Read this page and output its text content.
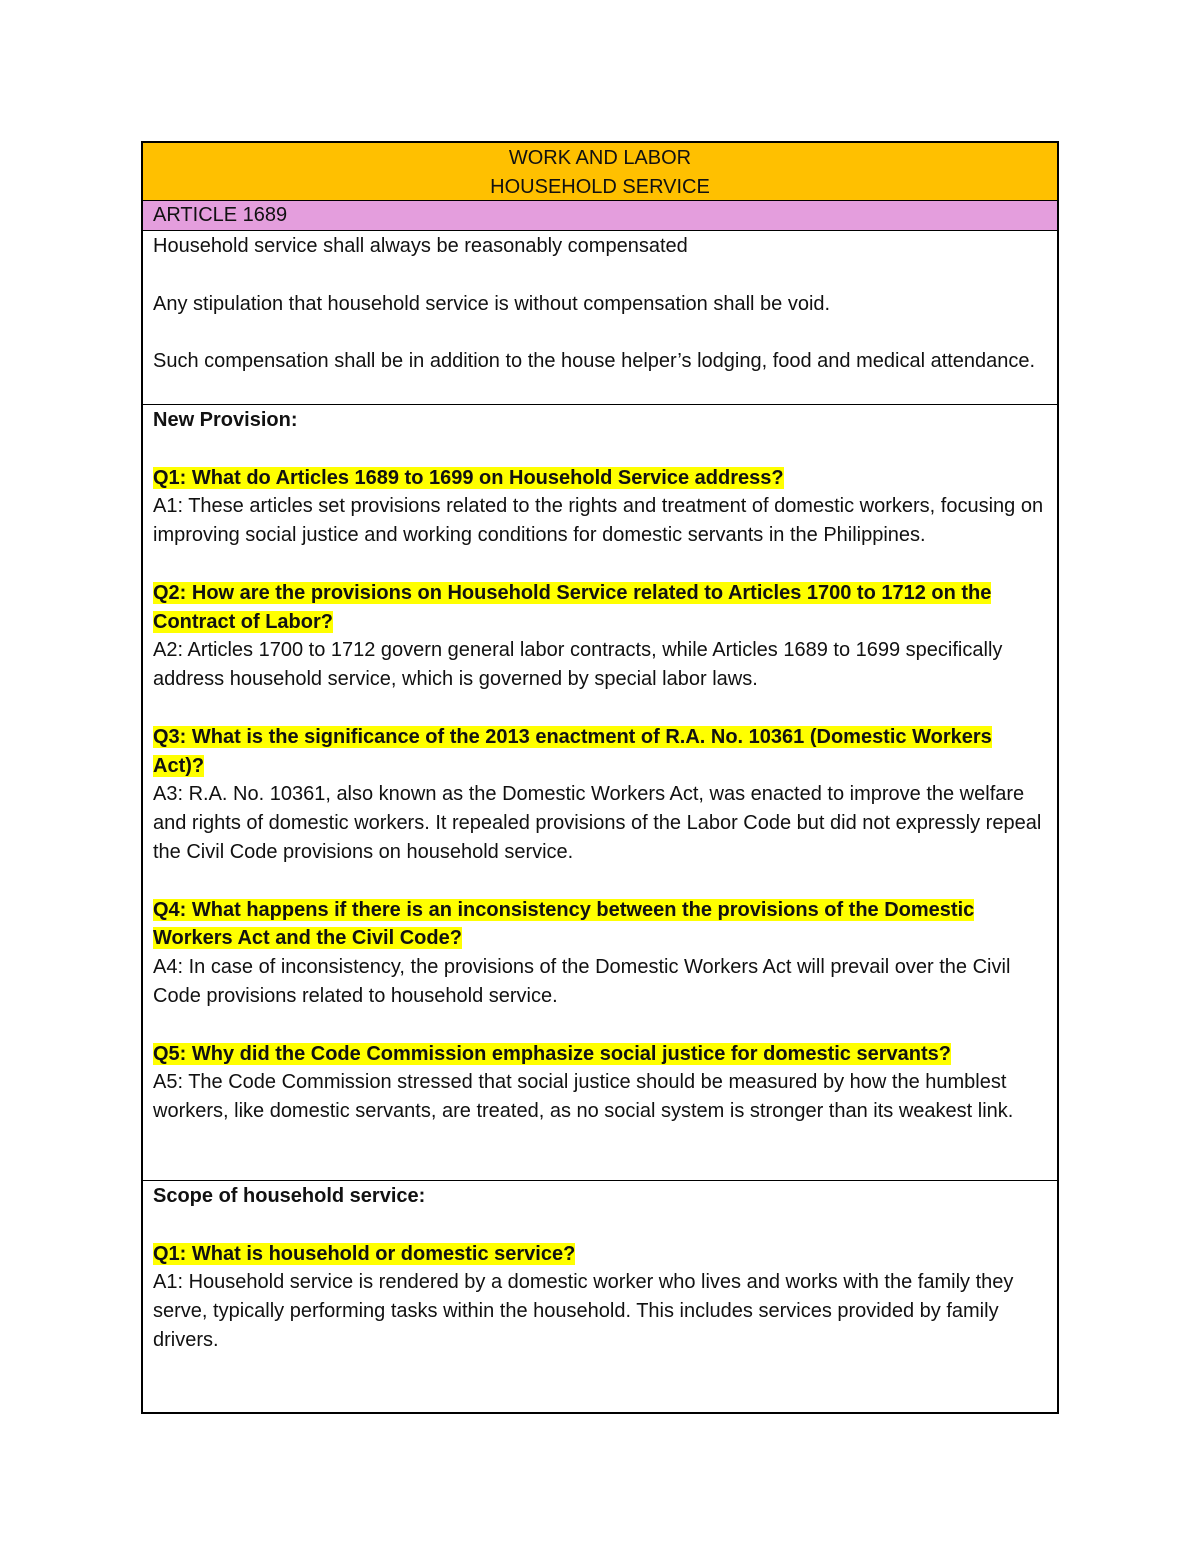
WORK AND LABOR
HOUSEHOLD SERVICE
ARTICLE 1689
Household service shall always be reasonably compensated
Any stipulation that household service is without compensation shall be void.
Such compensation shall be in addition to the house helper’s lodging, food and medical attendance.
New Provision:
Q1: What do Articles 1689 to 1699 on Household Service address?
A1: These articles set provisions related to the rights and treatment of domestic workers, focusing on improving social justice and working conditions for domestic servants in the Philippines.
Q2: How are the provisions on Household Service related to Articles 1700 to 1712 on the Contract of Labor?
A2: Articles 1700 to 1712 govern general labor contracts, while Articles 1689 to 1699 specifically address household service, which is governed by special labor laws.
Q3: What is the significance of the 2013 enactment of R.A. No. 10361 (Domestic Workers Act)?
A3: R.A. No. 10361, also known as the Domestic Workers Act, was enacted to improve the welfare and rights of domestic workers. It repealed provisions of the Labor Code but did not expressly repeal the Civil Code provisions on household service.
Q4: What happens if there is an inconsistency between the provisions of the Domestic Workers Act and the Civil Code?
A4: In case of inconsistency, the provisions of the Domestic Workers Act will prevail over the Civil Code provisions related to household service.
Q5: Why did the Code Commission emphasize social justice for domestic servants?
A5: The Code Commission stressed that social justice should be measured by how the humblest workers, like domestic servants, are treated, as no social system is stronger than its weakest link.
Scope of household service:
Q1: What is household or domestic service?
A1: Household service is rendered by a domestic worker who lives and works with the family they serve, typically performing tasks within the household. This includes services provided by family drivers.
